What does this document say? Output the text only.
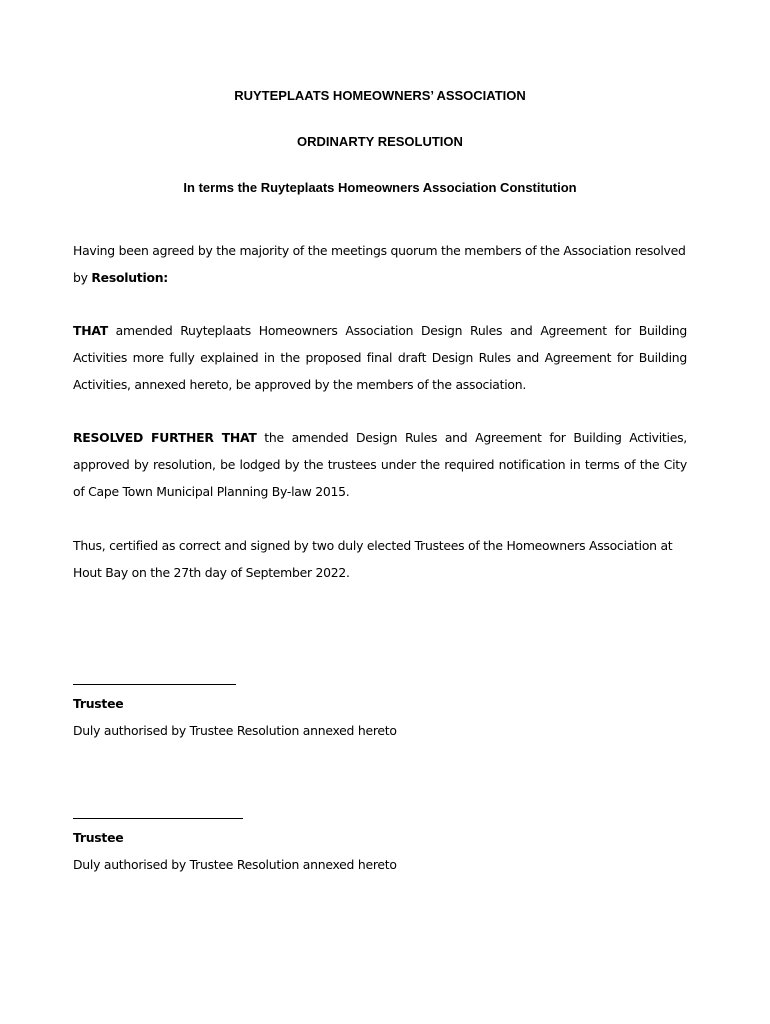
RUYTEPLAATS HOMEOWNERS’ ASSOCIATION
ORDINARTY RESOLUTION
In terms the Ruyteplaats Homeowners Association Constitution
Having been agreed by the majority of the meetings quorum the members of the Association resolved by Resolution:
THAT amended Ruyteplaats Homeowners Association Design Rules and Agreement for Building Activities more fully explained in the proposed final draft Design Rules and Agreement for Building Activities, annexed hereto, be approved by the members of the association.
RESOLVED FURTHER THAT the amended Design Rules and Agreement for Building Activities, approved by resolution, be lodged by the trustees under the required notification in terms of the City of Cape Town Municipal Planning By-law 2015.
Thus, certified as correct and signed by two duly elected Trustees of the Homeowners Association at Hout Bay on the 27th day of September 2022.
Trustee
Duly authorised by Trustee Resolution annexed hereto
Trustee
Duly authorised by Trustee Resolution annexed hereto
